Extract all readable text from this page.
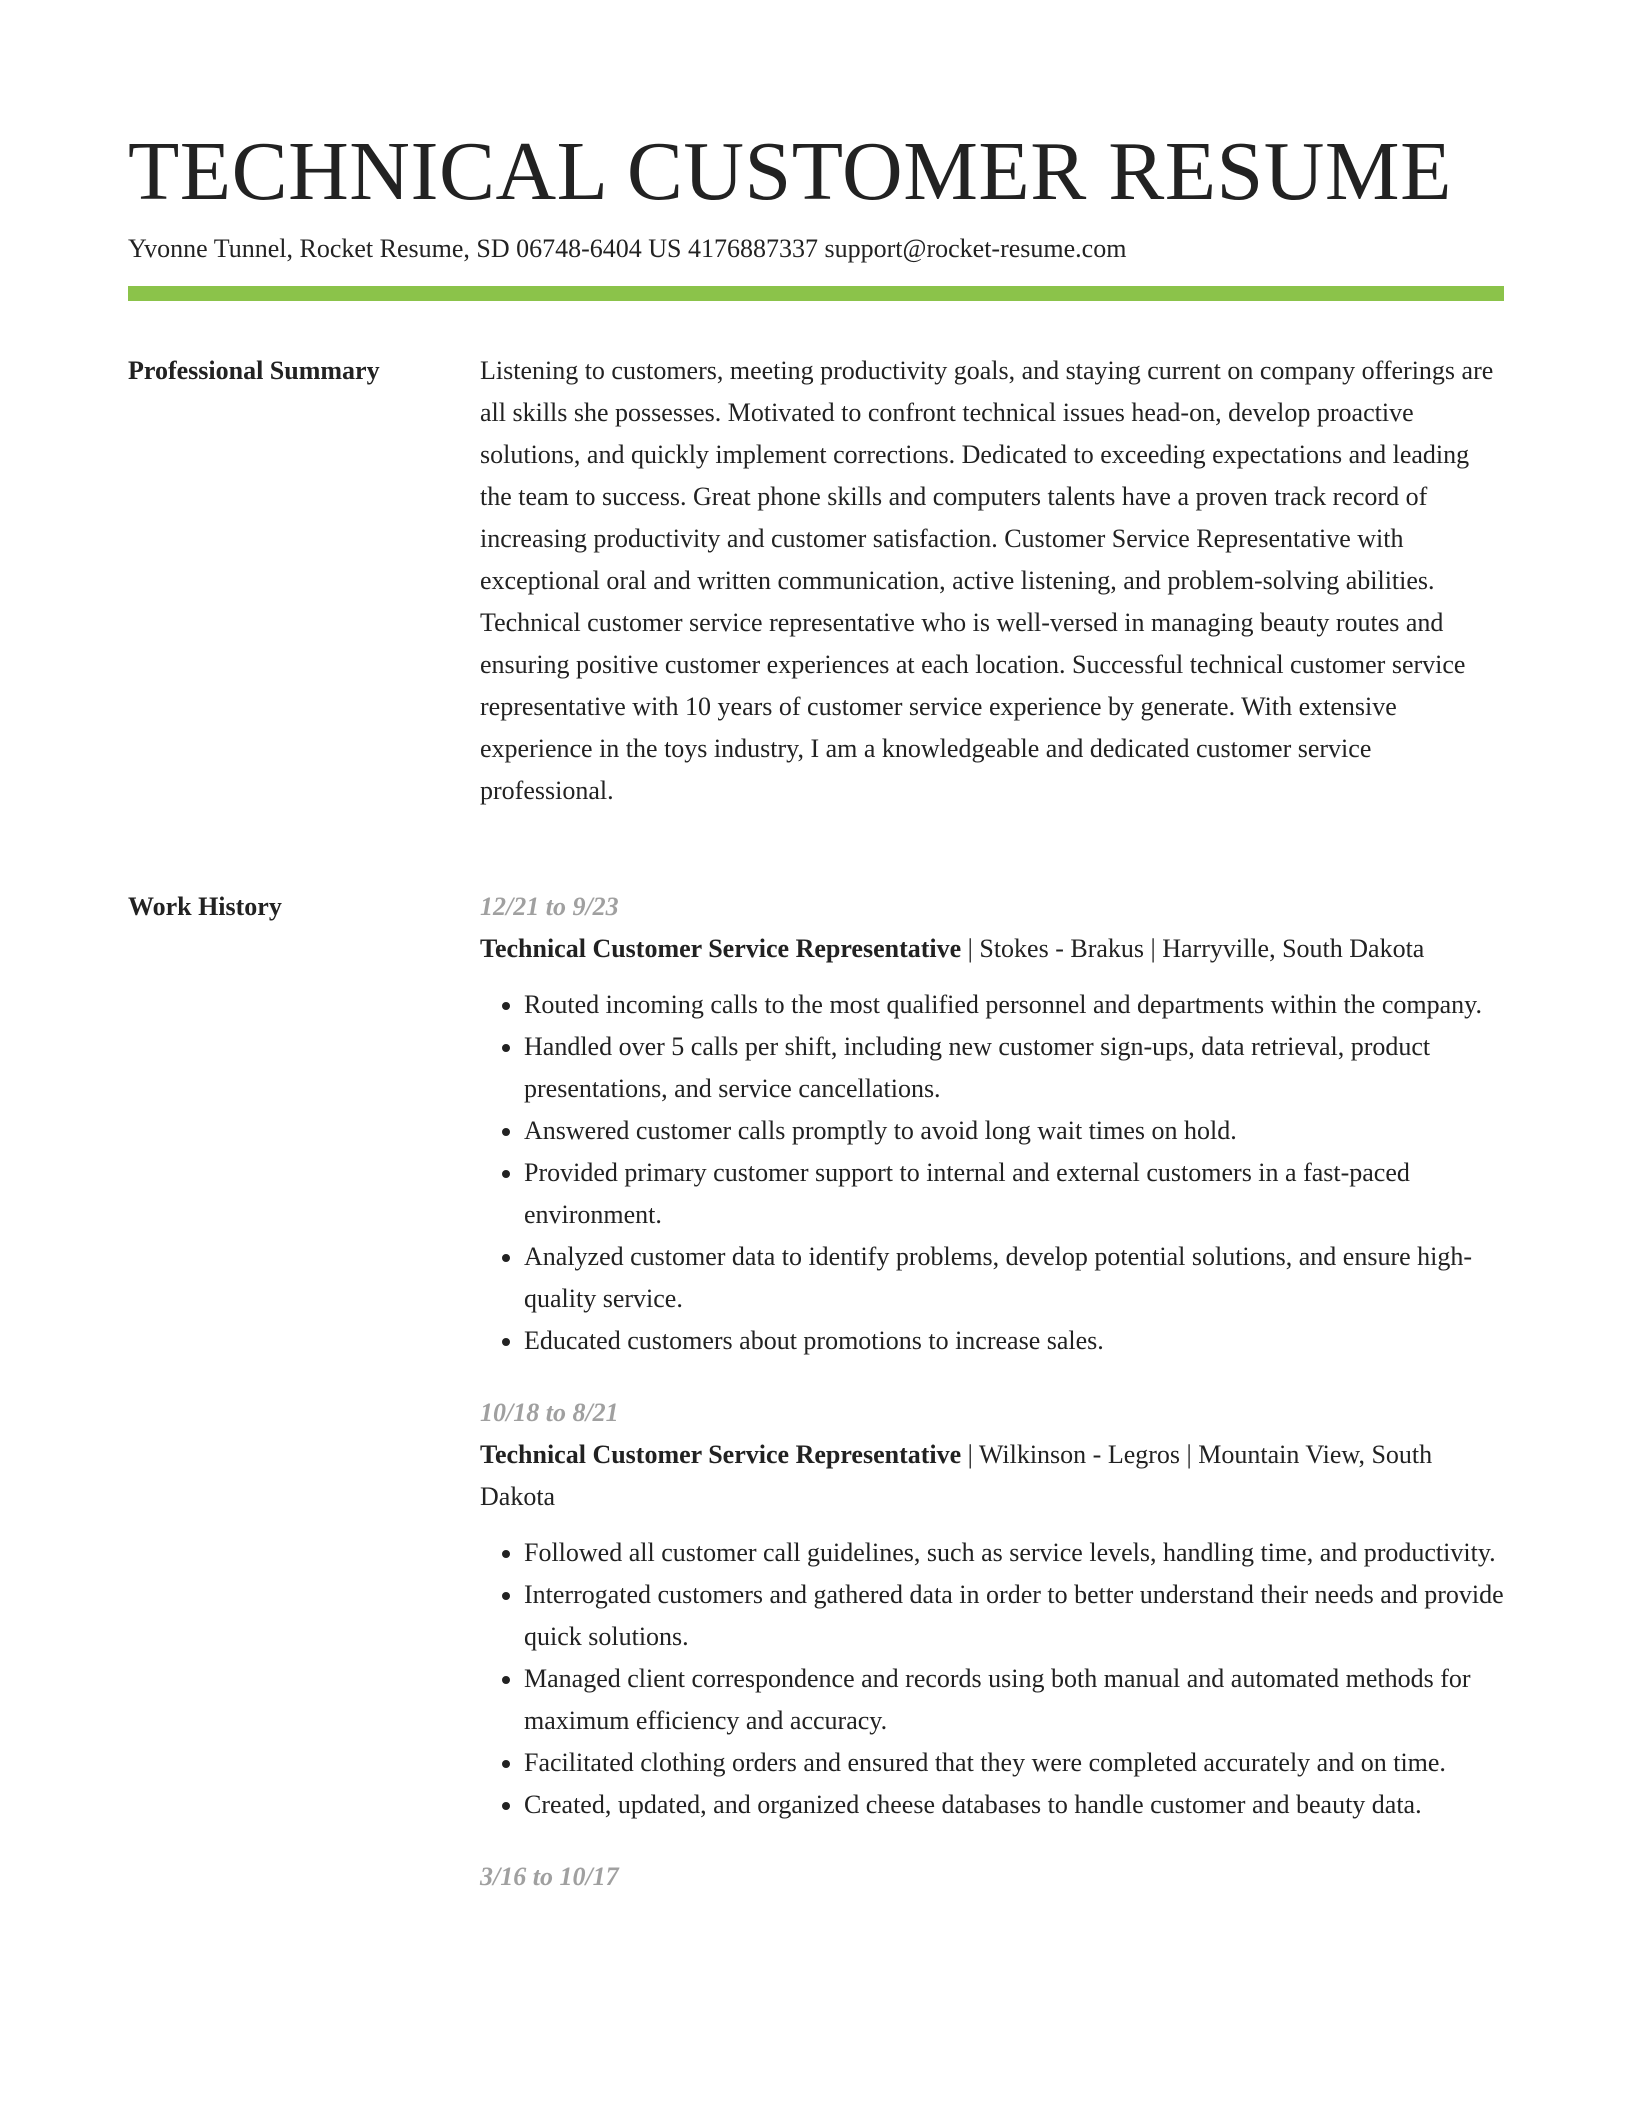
TECHNICAL CUSTOMER RESUME
Yvonne Tunnel, Rocket Resume, SD 06748-6404 US 4176887337 support@rocket-resume.com
Professional Summary	Listening to customers, meeting productivity goals, and staying current on company offerings are all skills she possesses. Motivated to confront technical issues head-on, develop proactive solutions, and quickly implement corrections. Dedicated to exceeding expectations and leading the team to success. Great phone skills and computers talents have a proven track record of increasing productivity and customer satisfaction. Customer Service Representative with exceptional oral and written communication, active listening, and problem-solving abilities. Technical customer service representative who is well-versed in managing beauty routes and ensuring positive customer experiences at each location. Successful technical customer service representative with 10 years of customer service experience by generate. With extensive experience in the toys industry, I am a knowledgeable and dedicated customer service professional.

Work History	12/21 to 9/23
Technical Customer Service Representative | Stokes - Brakus | Harryville, South Dakota
• Routed incoming calls to the most qualified personnel and departments within the company.
• Handled over 5 calls per shift, including new customer sign-ups, data retrieval, product presentations, and service cancellations.
• Answered customer calls promptly to avoid long wait times on hold.
• Provided primary customer support to internal and external customers in a fast-paced environment.
• Analyzed customer data to identify problems, develop potential solutions, and ensure high-quality service.
• Educated customers about promotions to increase sales.
10/18 to 8/21
Technical Customer Service Representative | Wilkinson - Legros | Mountain View, South Dakota
• Followed all customer call guidelines, such as service levels, handling time, and productivity.
• Interrogated customers and gathered data in order to better understand their needs and provide quick solutions.
• Managed client correspondence and records using both manual and automated methods for maximum efficiency and accuracy.
• Facilitated clothing orders and ensured that they were completed accurately and on time.
• Created, updated, and organized cheese databases to handle customer and beauty data.
3/16 to 10/17
